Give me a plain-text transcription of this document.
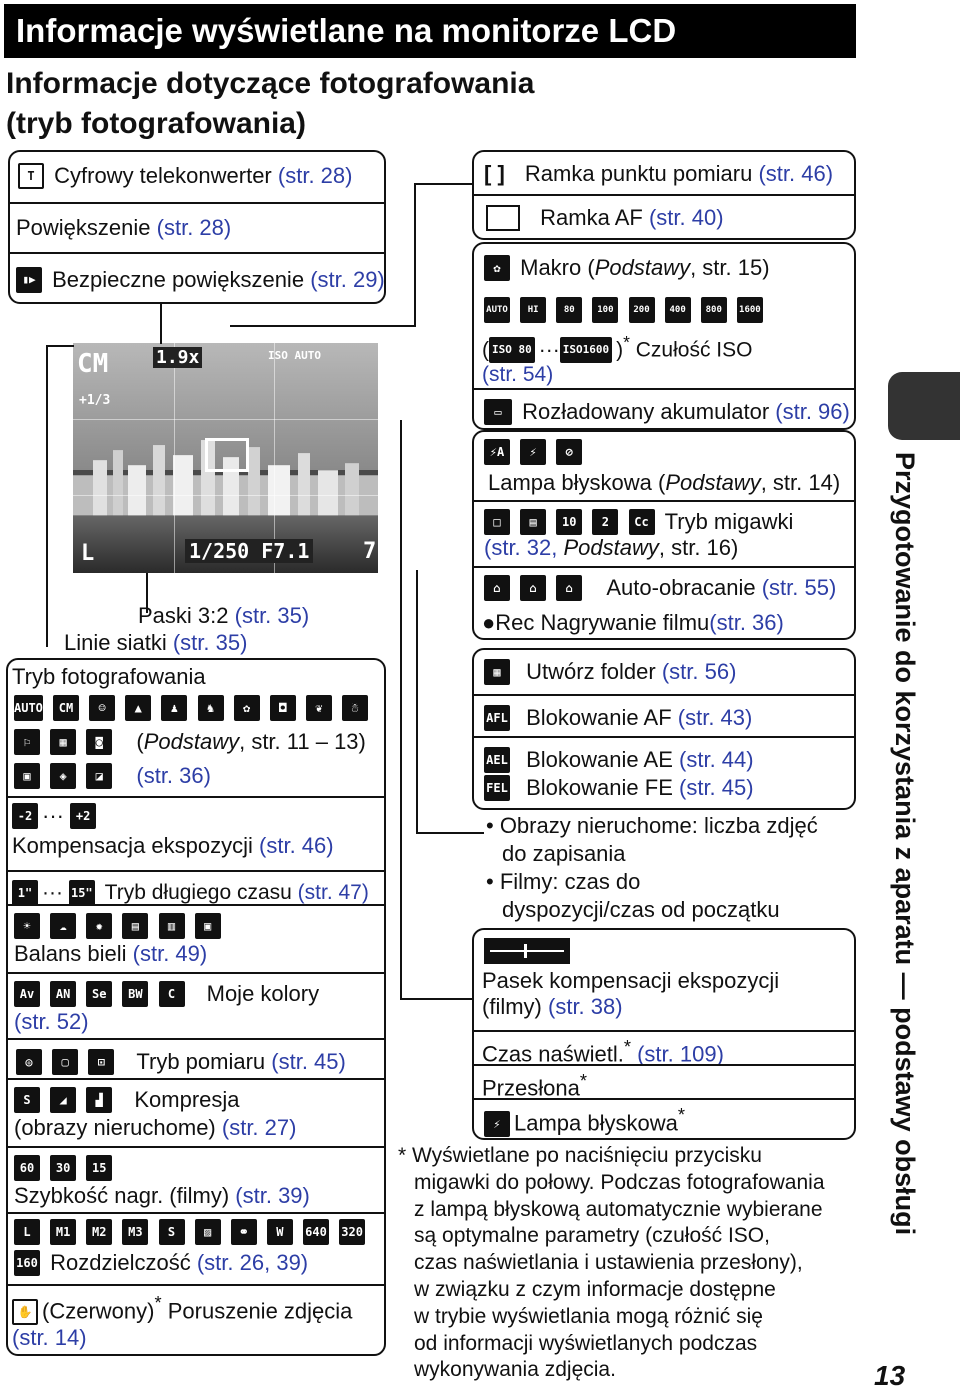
Informacje wyświetlane na monitorze LCD
Informacje dotyczące fotografowania
(tryb fotografowania)
T Cyfrowy telekonwerter (str. 28)
Powiększenie (str. 28)
▮▶ Bezpieczne powiększenie (str. 29)
CM	1.9x	ISO AUTO
+1/3
1/250 F7.1
L	7
Paski 3:2 (str. 35)
Linie siatki (str. 35)
Tryb fotografowania
AUTO CM ☺ ▲ ♟ ♞ ✿ ◘ ❦ ☃
⚐ ▦ ◙ (Podstawy, str. 11 – 13)
▣ ◈ ◪ (str. 36)
-2 ··· +2
Kompensacja ekspozycji (str. 46)
1" ··· 15" Tryb długiego czasu (str. 47)
☀ ☁ ✹ ▤ ▥ ▣
Balans bieli (str. 49)
Av AN Se BW C Moje kolory
(str. 52)
◎ ▢ ⊡ Tryb pomiaru (str. 45)
S ◢ ▟ Kompresja
(obrazy nieruchome) (str. 27)
60 30 15
Szybkość nagr. (filmy) (str. 39)
L M1 M2 M3 S ▨ ⚭ W 640 320
160 Rozdzielczość (str. 26, 39)
✋ (Czerwony)* Poruszenie zdjęcia
(str. 14)
[ ] Ramka punktu pomiaru (str. 46)
Ramka AF (str. 40)
✿ Makro (Podstawy, str. 15)
AUTO HI	80	100 200 400 800 1600
( ISO 80 ··· ISO1600 )* Czułość ISO
(str. 54)
▭ Rozładowany akumulator (str. 96)
⚡A ⚡ ⊘
Lampa błyskowa (Podstawy, str. 14)
□ ▤ 10 2 Cc Tryb migawki
(str. 32, Podstawy, str. 16)
⌂ ⌂ ⌂ Auto-obracanie (str. 55)
●Rec Nagrywanie filmu(str. 36)
▦ Utwórz folder (str. 56)
AFL Blokowanie AF (str. 43)
AEL Blokowanie AE (str. 44)
FEL Blokowanie FE (str. 45)
• Obrazy nieruchome: liczba zdjęć
do zapisania
• Filmy: czas do
dyspozycji/czas od początku
Pasek kompensacji ekspozycji
(filmy) (str. 38)
Czas naświetl.* (str. 109)
Przesłona*
⚡ Lampa błyskowa*
* Wyświetlane po naciśnięciu przycisku
migawki do połowy. Podczas fotografowania
z lampą błyskową automatycznie wybierane
są optymalne parametry (czułość ISO,
czas naświetlania i ustawienia przesłony),
w związku z czym informacje dostępne
w trybie wyświetlania mogą różnić się
od informacji wyświetlanych podczas
wykonywania zdjęcia.
Przygotowanie do korzystania z aparatu — podstawy obsługi
13
